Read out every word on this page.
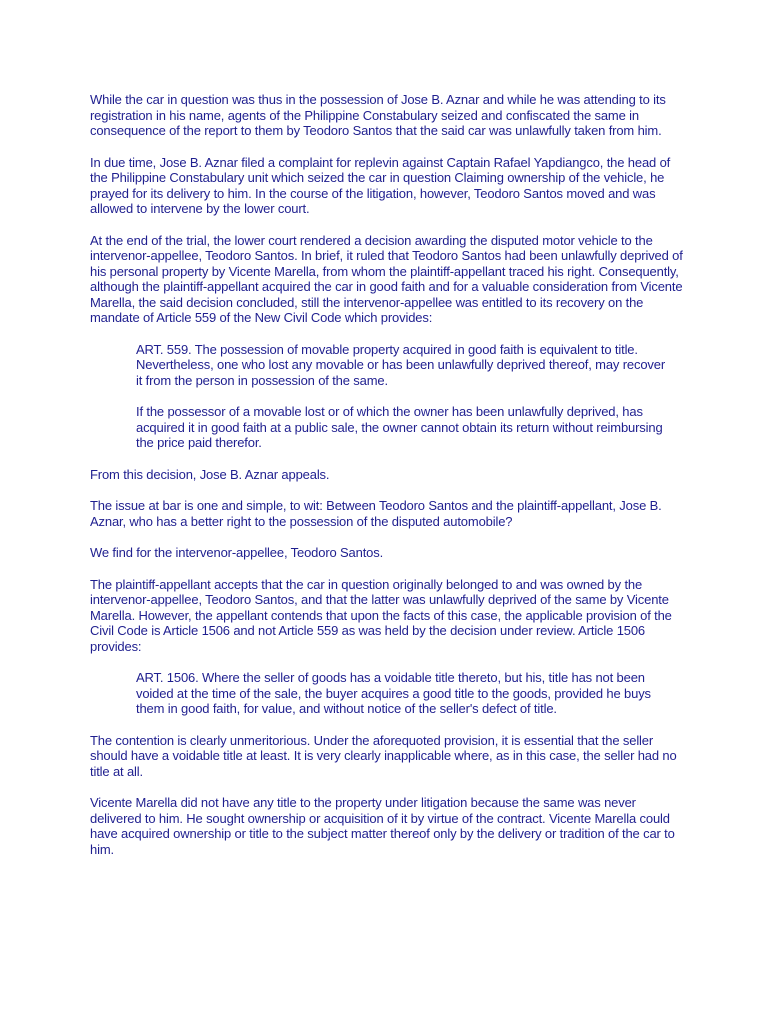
While the car in question was thus in the possession of Jose B. Aznar and while he was attending to its registration in his name, agents of the Philippine Constabulary seized and confiscated the same in consequence of the report to them by Teodoro Santos that the said car was unlawfully taken from him.

In due time, Jose B. Aznar filed a complaint for replevin against Captain Rafael Yapdiangco, the head of the Philippine Constabulary unit which seized the car in question Claiming ownership of the vehicle, he prayed for its delivery to him. In the course of the litigation, however, Teodoro Santos moved and was allowed to intervene by the lower court.

At the end of the trial, the lower court rendered a decision awarding the disputed motor vehicle to the intervenor-appellee, Teodoro Santos. In brief, it ruled that Teodoro Santos had been unlawfully deprived of his personal property by Vicente Marella, from whom the plaintiff-appellant traced his right. Consequently, although the plaintiff-appellant acquired the car in good faith and for a valuable consideration from Vicente Marella, the said decision concluded, still the intervenor-appellee was entitled to its recovery on the mandate of Article 559 of the New Civil Code which provides:

ART. 559. The possession of movable property acquired in good faith is equivalent to title. Nevertheless, one who lost any movable or has been unlawfully deprived thereof, may recover it from the person in possession of the same.

If the possessor of a movable lost or of which the owner has been unlawfully deprived, has acquired it in good faith at a public sale, the owner cannot obtain its return without reimbursing the price paid therefor.

From this decision, Jose B. Aznar appeals.

The issue at bar is one and simple, to wit: Between Teodoro Santos and the plaintiff-appellant, Jose B. Aznar, who has a better right to the possession of the disputed automobile?

We find for the intervenor-appellee, Teodoro Santos.

The plaintiff-appellant accepts that the car in question originally belonged to and was owned by the intervenor-appellee, Teodoro Santos, and that the latter was unlawfully deprived of the same by Vicente Marella. However, the appellant contends that upon the facts of this case, the applicable provision of the Civil Code is Article 1506 and not Article 559 as was held by the decision under review. Article 1506 provides:

ART. 1506. Where the seller of goods has a voidable title thereto, but his, title has not been voided at the time of the sale, the buyer acquires a good title to the goods, provided he buys them in good faith, for value, and without notice of the seller's defect of title.

The contention is clearly unmeritorious. Under the aforequoted provision, it is essential that the seller should have a voidable title at least. It is very clearly inapplicable where, as in this case, the seller had no title at all.

Vicente Marella did not have any title to the property under litigation because the same was never delivered to him. He sought ownership or acquisition of it by virtue of the contract. Vicente Marella could have acquired ownership or title to the subject matter thereof only by the delivery or tradition of the car to him.
